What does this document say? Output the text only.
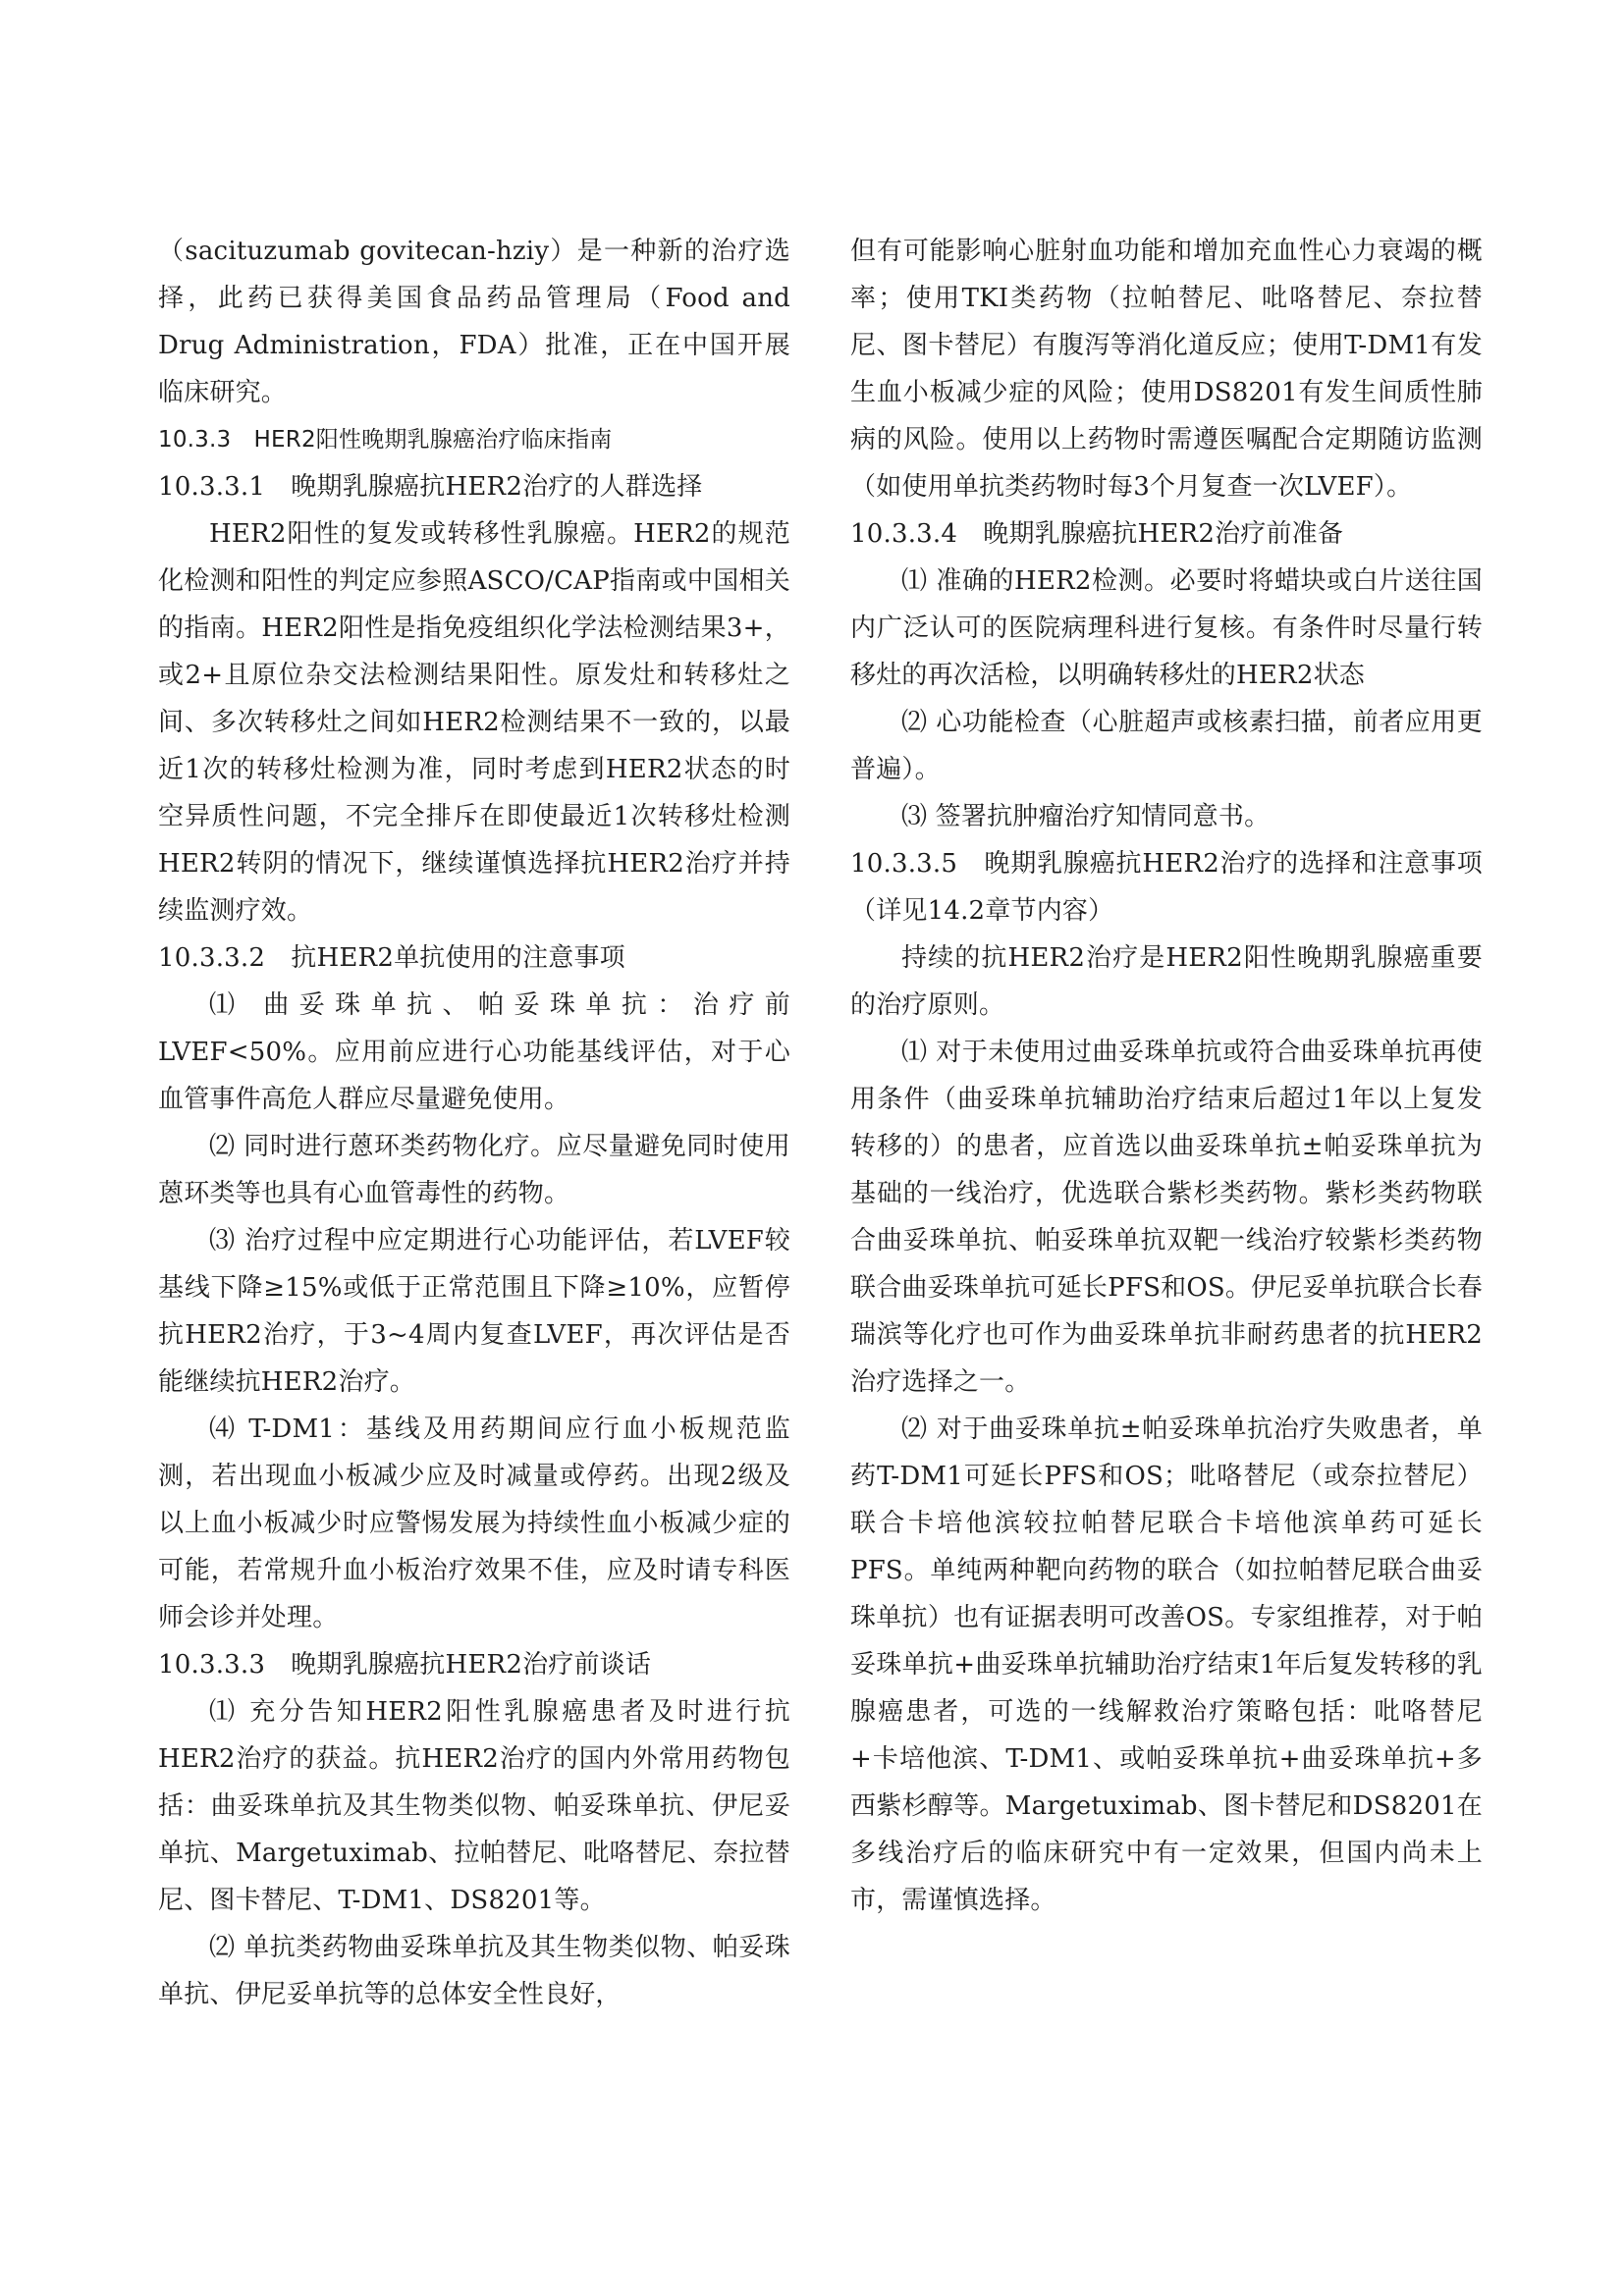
（sacituzumab govitecan-hziy）是一种新的治疗选择，此药已获得美国食品药品管理局（Food and Drug Administration，FDA）批准，正在中国开展临床研究。

10.3.3　HER2阳性晚期乳腺癌治疗临床指南

10.3.3.1　晚期乳腺癌抗HER2治疗的人群选择

HER2阳性的复发或转移性乳腺癌。HER2的规范化检测和阳性的判定应参照ASCO/CAP指南或中国相关的指南。HER2阳性是指免疫组织化学法检测结果3+，或2+且原位杂交法检测结果阳性。原发灶和转移灶之间、多次转移灶之间如HER2检测结果不一致的，以最近1次的转移灶检测为准，同时考虑到HER2状态的时空异质性问题，不完全排斥在即使最近1次转移灶检测HER2转阴的情况下，继续谨慎选择抗HER2治疗并持续监测疗效。

10.3.3.2　抗HER2单抗使用的注意事项

⑴ 曲妥珠单抗、帕妥珠单抗：治疗前LVEF<50%。应用前应进行心功能基线评估，对于心血管事件高危人群应尽量避免使用。

⑵ 同时进行蒽环类药物化疗。应尽量避免同时使用蒽环类等也具有心血管毒性的药物。

⑶ 治疗过程中应定期进行心功能评估，若LVEF较基线下降≥15%或低于正常范围且下降≥10%，应暂停抗HER2治疗，于3~4周内复查LVEF，再次评估是否能继续抗HER2治疗。

⑷ T-DM1：基线及用药期间应行血小板规范监测，若出现血小板减少应及时减量或停药。出现2级及以上血小板减少时应警惕发展为持续性血小板减少症的可能，若常规升血小板治疗效果不佳，应及时请专科医师会诊并处理。

10.3.3.3　晚期乳腺癌抗HER2治疗前谈话

⑴ 充分告知HER2阳性乳腺癌患者及时进行抗HER2治疗的获益。抗HER2治疗的国内外常用药物包括：曲妥珠单抗及其生物类似物、帕妥珠单抗、伊尼妥单抗、Margetuximab、拉帕替尼、吡咯替尼、奈拉替尼、图卡替尼、T-DM1、DS8201等。

⑵ 单抗类药物曲妥珠单抗及其生物类似物、帕妥珠单抗、伊尼妥单抗等的总体安全性良好，

但有可能影响心脏射血功能和增加充血性心力衰竭的概率；使用TKI类药物（拉帕替尼、吡咯替尼、奈拉替尼、图卡替尼）有腹泻等消化道反应；使用T-DM1有发生血小板减少症的风险；使用DS8201有发生间质性肺病的风险。使用以上药物时需遵医嘱配合定期随访监测（如使用单抗类药物时每3个月复查一次LVEF）。

10.3.3.4　晚期乳腺癌抗HER2治疗前准备

⑴ 准确的HER2检测。必要时将蜡块或白片送往国内广泛认可的医院病理科进行复核。有条件时尽量行转移灶的再次活检，以明确转移灶的HER2状态

⑵ 心功能检查（心脏超声或核素扫描，前者应用更普遍）。

⑶ 签署抗肿瘤治疗知情同意书。

10.3.3.5　晚期乳腺癌抗HER2治疗的选择和注意事项（详见14.2章节内容）

持续的抗HER2治疗是HER2阳性晚期乳腺癌重要的治疗原则。

⑴ 对于未使用过曲妥珠单抗或符合曲妥珠单抗再使用条件（曲妥珠单抗辅助治疗结束后超过1年以上复发转移的）的患者，应首选以曲妥珠单抗±帕妥珠单抗为基础的一线治疗，优选联合紫杉类药物。紫杉类药物联合曲妥珠单抗、帕妥珠单抗双靶一线治疗较紫杉类药物联合曲妥珠单抗可延长PFS和OS。伊尼妥单抗联合长春瑞滨等化疗也可作为曲妥珠单抗非耐药患者的抗HER2治疗选择之一。

⑵ 对于曲妥珠单抗±帕妥珠单抗治疗失败患者，单药T-DM1可延长PFS和OS；吡咯替尼（或奈拉替尼）联合卡培他滨较拉帕替尼联合卡培他滨单药可延长PFS。单纯两种靶向药物的联合（如拉帕替尼联合曲妥珠单抗）也有证据表明可改善OS。专家组推荐，对于帕妥珠单抗+曲妥珠单抗辅助治疗结束1年后复发转移的乳腺癌患者，可选的一线解救治疗策略包括：吡咯替尼+卡培他滨、T-DM1、或帕妥珠单抗+曲妥珠单抗+多西紫杉醇等。Margetuximab、图卡替尼和DS8201在多线治疗后的临床研究中有一定效果，但国内尚未上市，需谨慎选择。
